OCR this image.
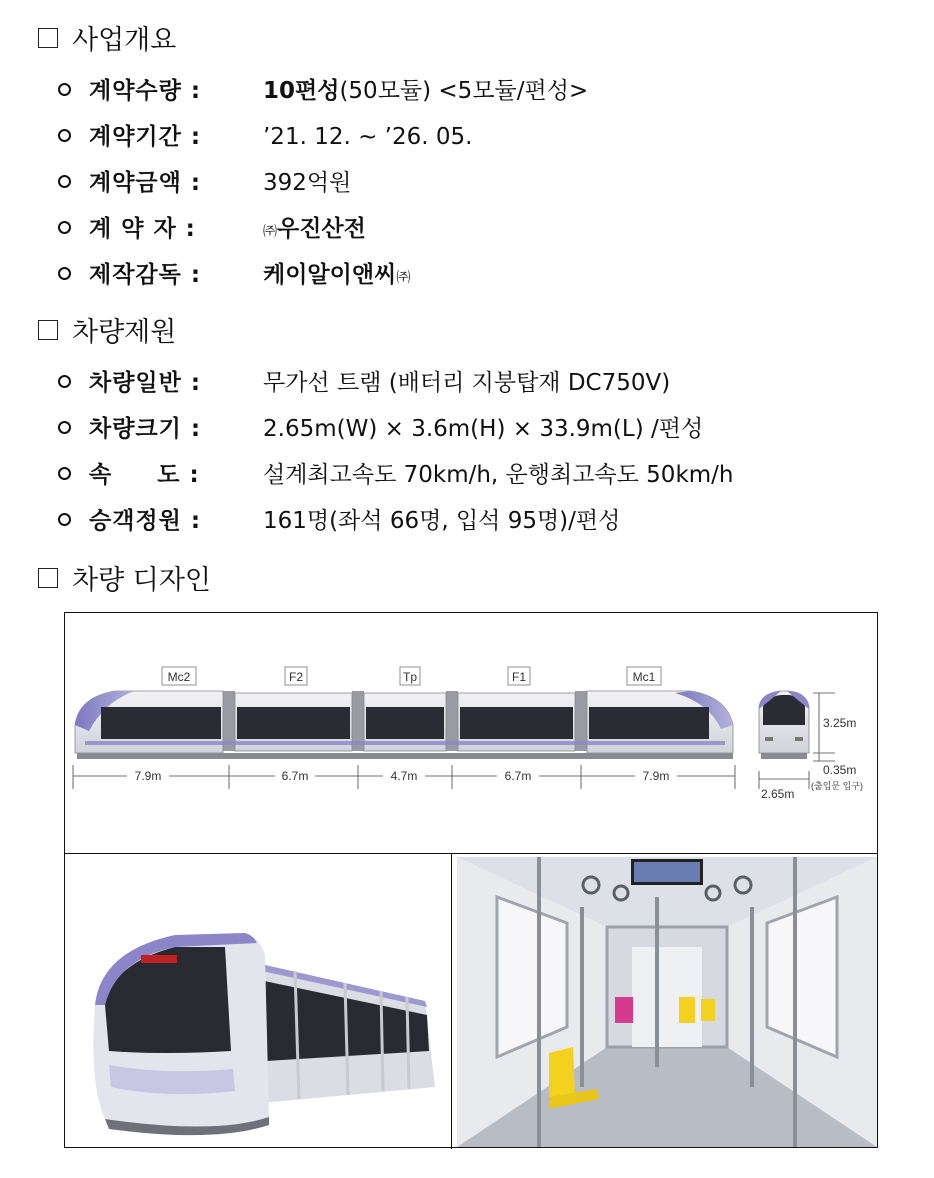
사업개요
계약수량 :	10편성(50모듈) <5모듈/편성>
계약기간 :	’21. 12. ~ ’26. 05.
계약금액 :	392억원
계 약 자 :	㈜우진산전
제작감독 :	케이알이앤씨㈜
차량제원
차량일반 :	무가선 트램 (배터리 지붕탑재 DC750V)
차량크기 :	2.65m(W) × 3.6m(H) × 33.9m(L) /편성
속     도 :	설계최고속도 70km/h, 운행최고속도 50km/h
승객정원 :	161명(좌석 66명, 입석 95명)/편성
차량 디자인
Mc2	F2	Tp	F1	Mc1
7.9m	6.7m	4.7m	6.7m	7.9m
3.25m
0.35m
(출입문 입구)
2.65m
